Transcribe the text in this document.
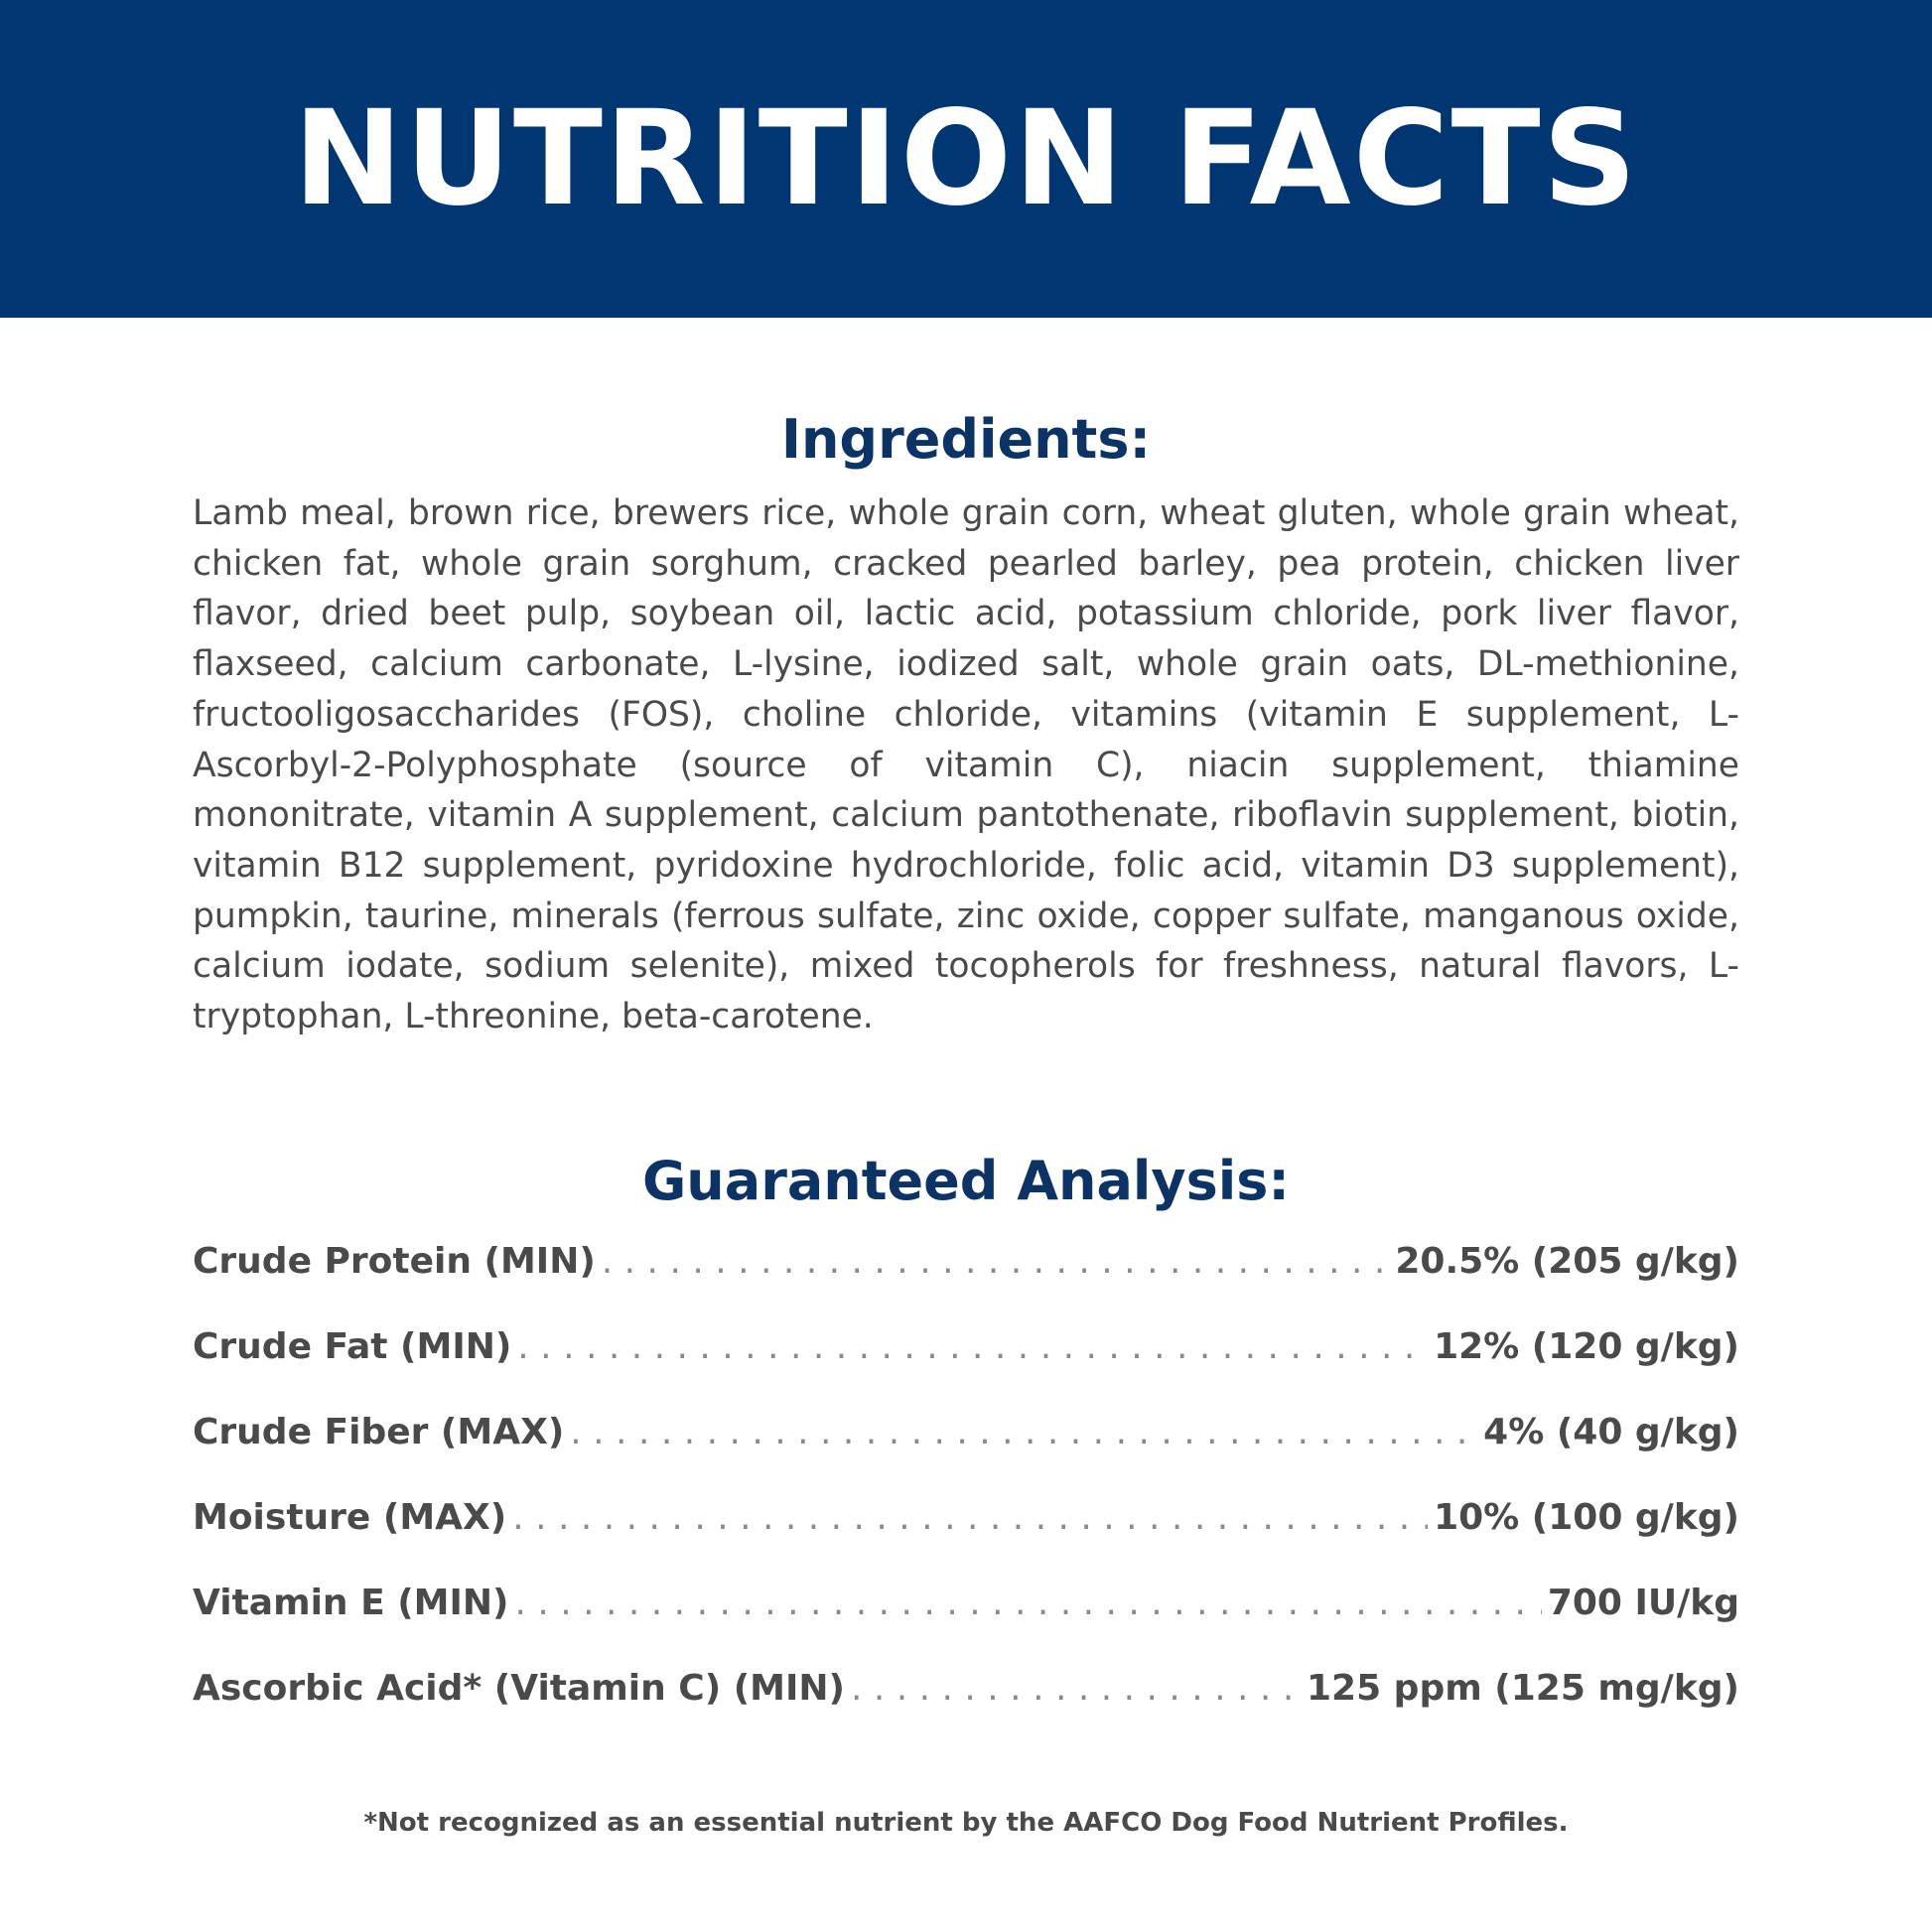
NUTRITION FACTS
Ingredients:

Lamb meal, brown rice, brewers rice, whole grain corn, wheat gluten, whole grain wheat, chicken fat, whole grain sorghum, cracked pearled barley, pea protein, chicken liver flavor, dried beet pulp, soybean oil, lactic acid, potassium chloride, pork liver flavor, flaxseed, calcium carbonate, L-lysine, iodized salt, whole grain oats, DL-methionine, fructooligosaccharides (FOS), choline chloride, vitamins (vitamin E supplement, L-Ascorbyl-2-Polyphosphate (source of vitamin C), niacin supplement, thiamine mononitrate, vitamin A supplement, calcium pantothenate, riboflavin supplement, biotin, vitamin B12 supplement, pyridoxine hydrochloride, folic acid, vitamin D3 supplement), pumpkin, taurine, minerals (ferrous sulfate, zinc oxide, copper sulfate, manganous oxide, calcium iodate, sodium selenite), mixed tocopherols for freshness, natural flavors, L-tryptophan, L-threonine, beta-carotene.

Guaranteed Analysis:
Crude Protein (MIN) . . .	20.5% (205 g/kg)
Crude Fat (MIN) . . .	12% (120 g/kg)
Crude Fiber (MAX) . . .	4% (40 g/kg)
Moisture (MAX) . . .	10% (100 g/kg)
Vitamin E (MIN) . . .	700 IU/kg
Ascorbic Acid* (Vitamin C) (MIN) . . .	125 ppm (125 mg/kg)

*Not recognized as an essential nutrient by the AAFCO Dog Food Nutrient Profiles.
